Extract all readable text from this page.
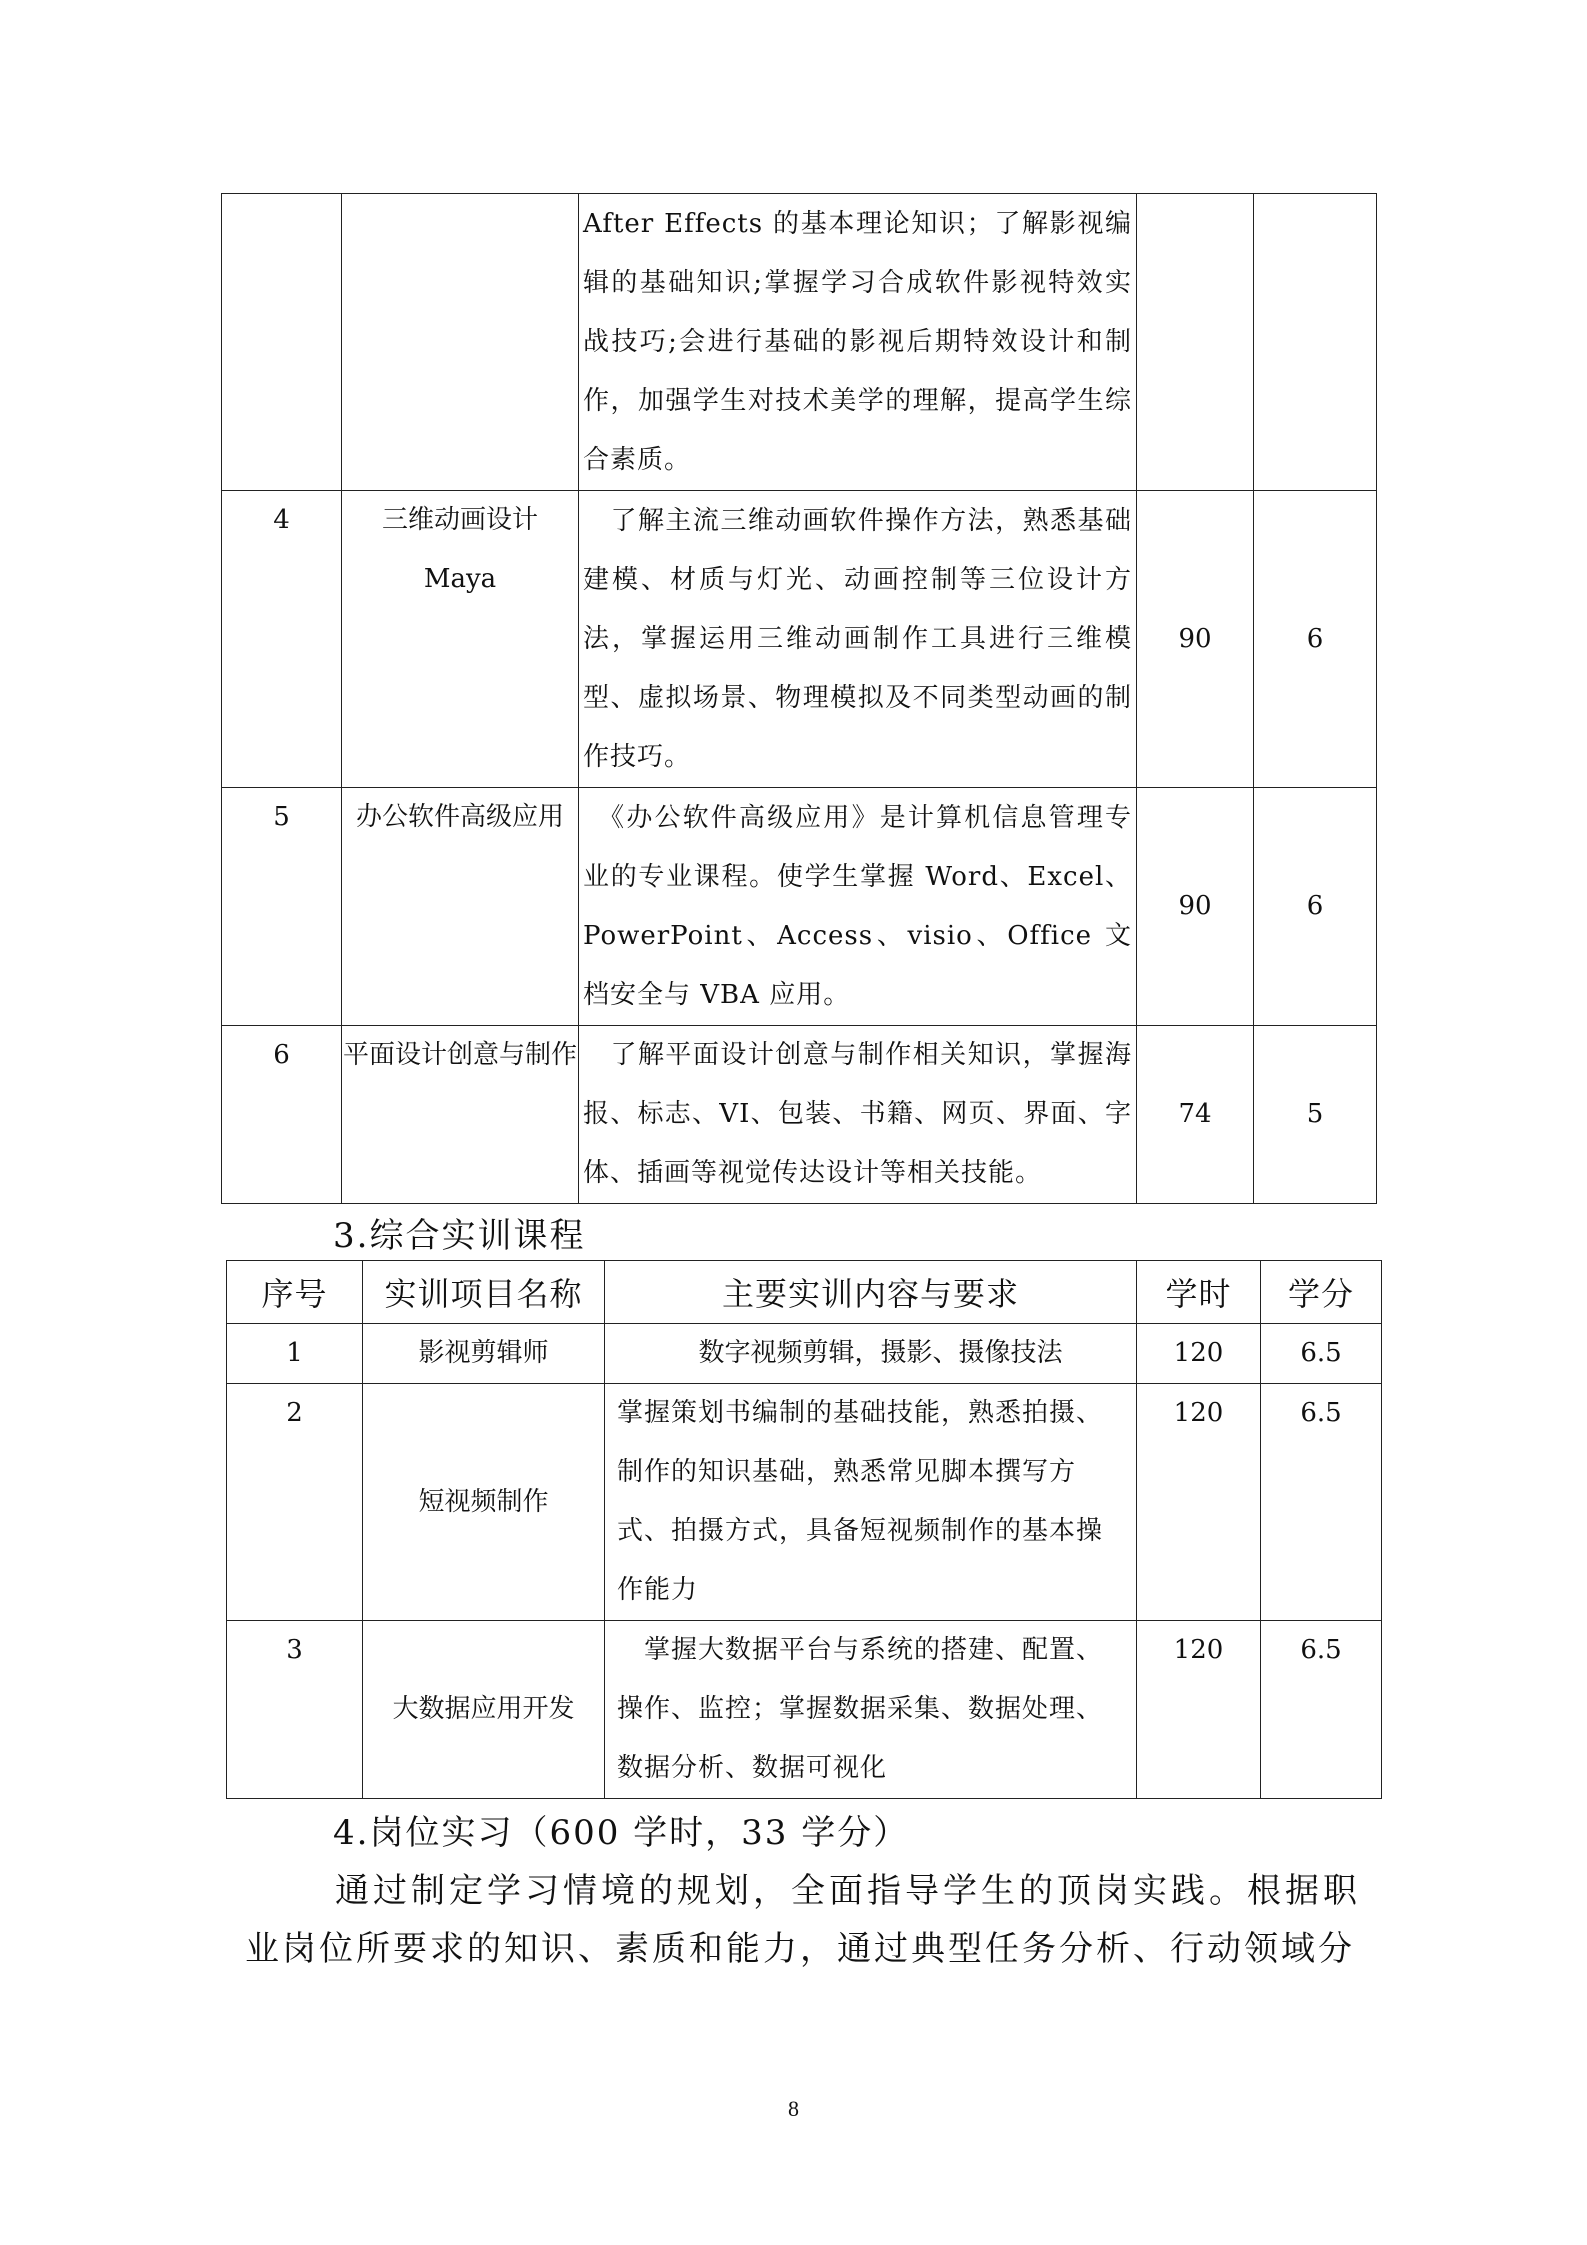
		After Effects 的基本理论知识；了解影视编辑的基础知识;掌握学习合成软件影视特效实战技巧;会进行基础的影视后期特效设计和制作，加强学生对技术美学的理解，提高学生综合素质。		
4	三维动画设计 Maya	　了解主流三维动画软件操作方法，熟悉基础建模、材质与灯光、动画控制等三位设计方法，掌握运用三维动画制作工具进行三维模型、虚拟场景、物理模拟及不同类型动画的制作技巧。	90	6
5	办公软件高级应用	　《办公软件高级应用》是计算机信息管理专业的专业课程。使学生掌握 Word、Excel、PowerPoint、Access、visio、Office 文档安全与 VBA 应用。	90	6
6	平面设计创意与制作	　了解平面设计创意与制作相关知识，掌握海报、标志、VI、包装、书籍、网页、界面、字体、插画等视觉传达设计等相关技能。	74	5
3.综合实训课程
序号	实训项目名称	主要实训内容与要求	学时	学分
1	影视剪辑师	数字视频剪辑，摄影、摄像技法	120	6.5
2	短视频制作	掌握策划书编制的基础技能，熟悉拍摄、制作的知识基础，熟悉常见脚本撰写方式、拍摄方式，具备短视频制作的基本操作能力	120	6.5
3	大数据应用开发	　掌握大数据平台与系统的搭建、配置、操作、监控；掌握数据采集、数据处理、数据分析、数据可视化	120	6.5
4.岗位实习（600 学时，33 学分）
通过制定学习情境的规划，全面指导学生的顶岗实践。根据职业岗位所要求的知识、素质和能力，通过典型任务分析、行动领域分
8
